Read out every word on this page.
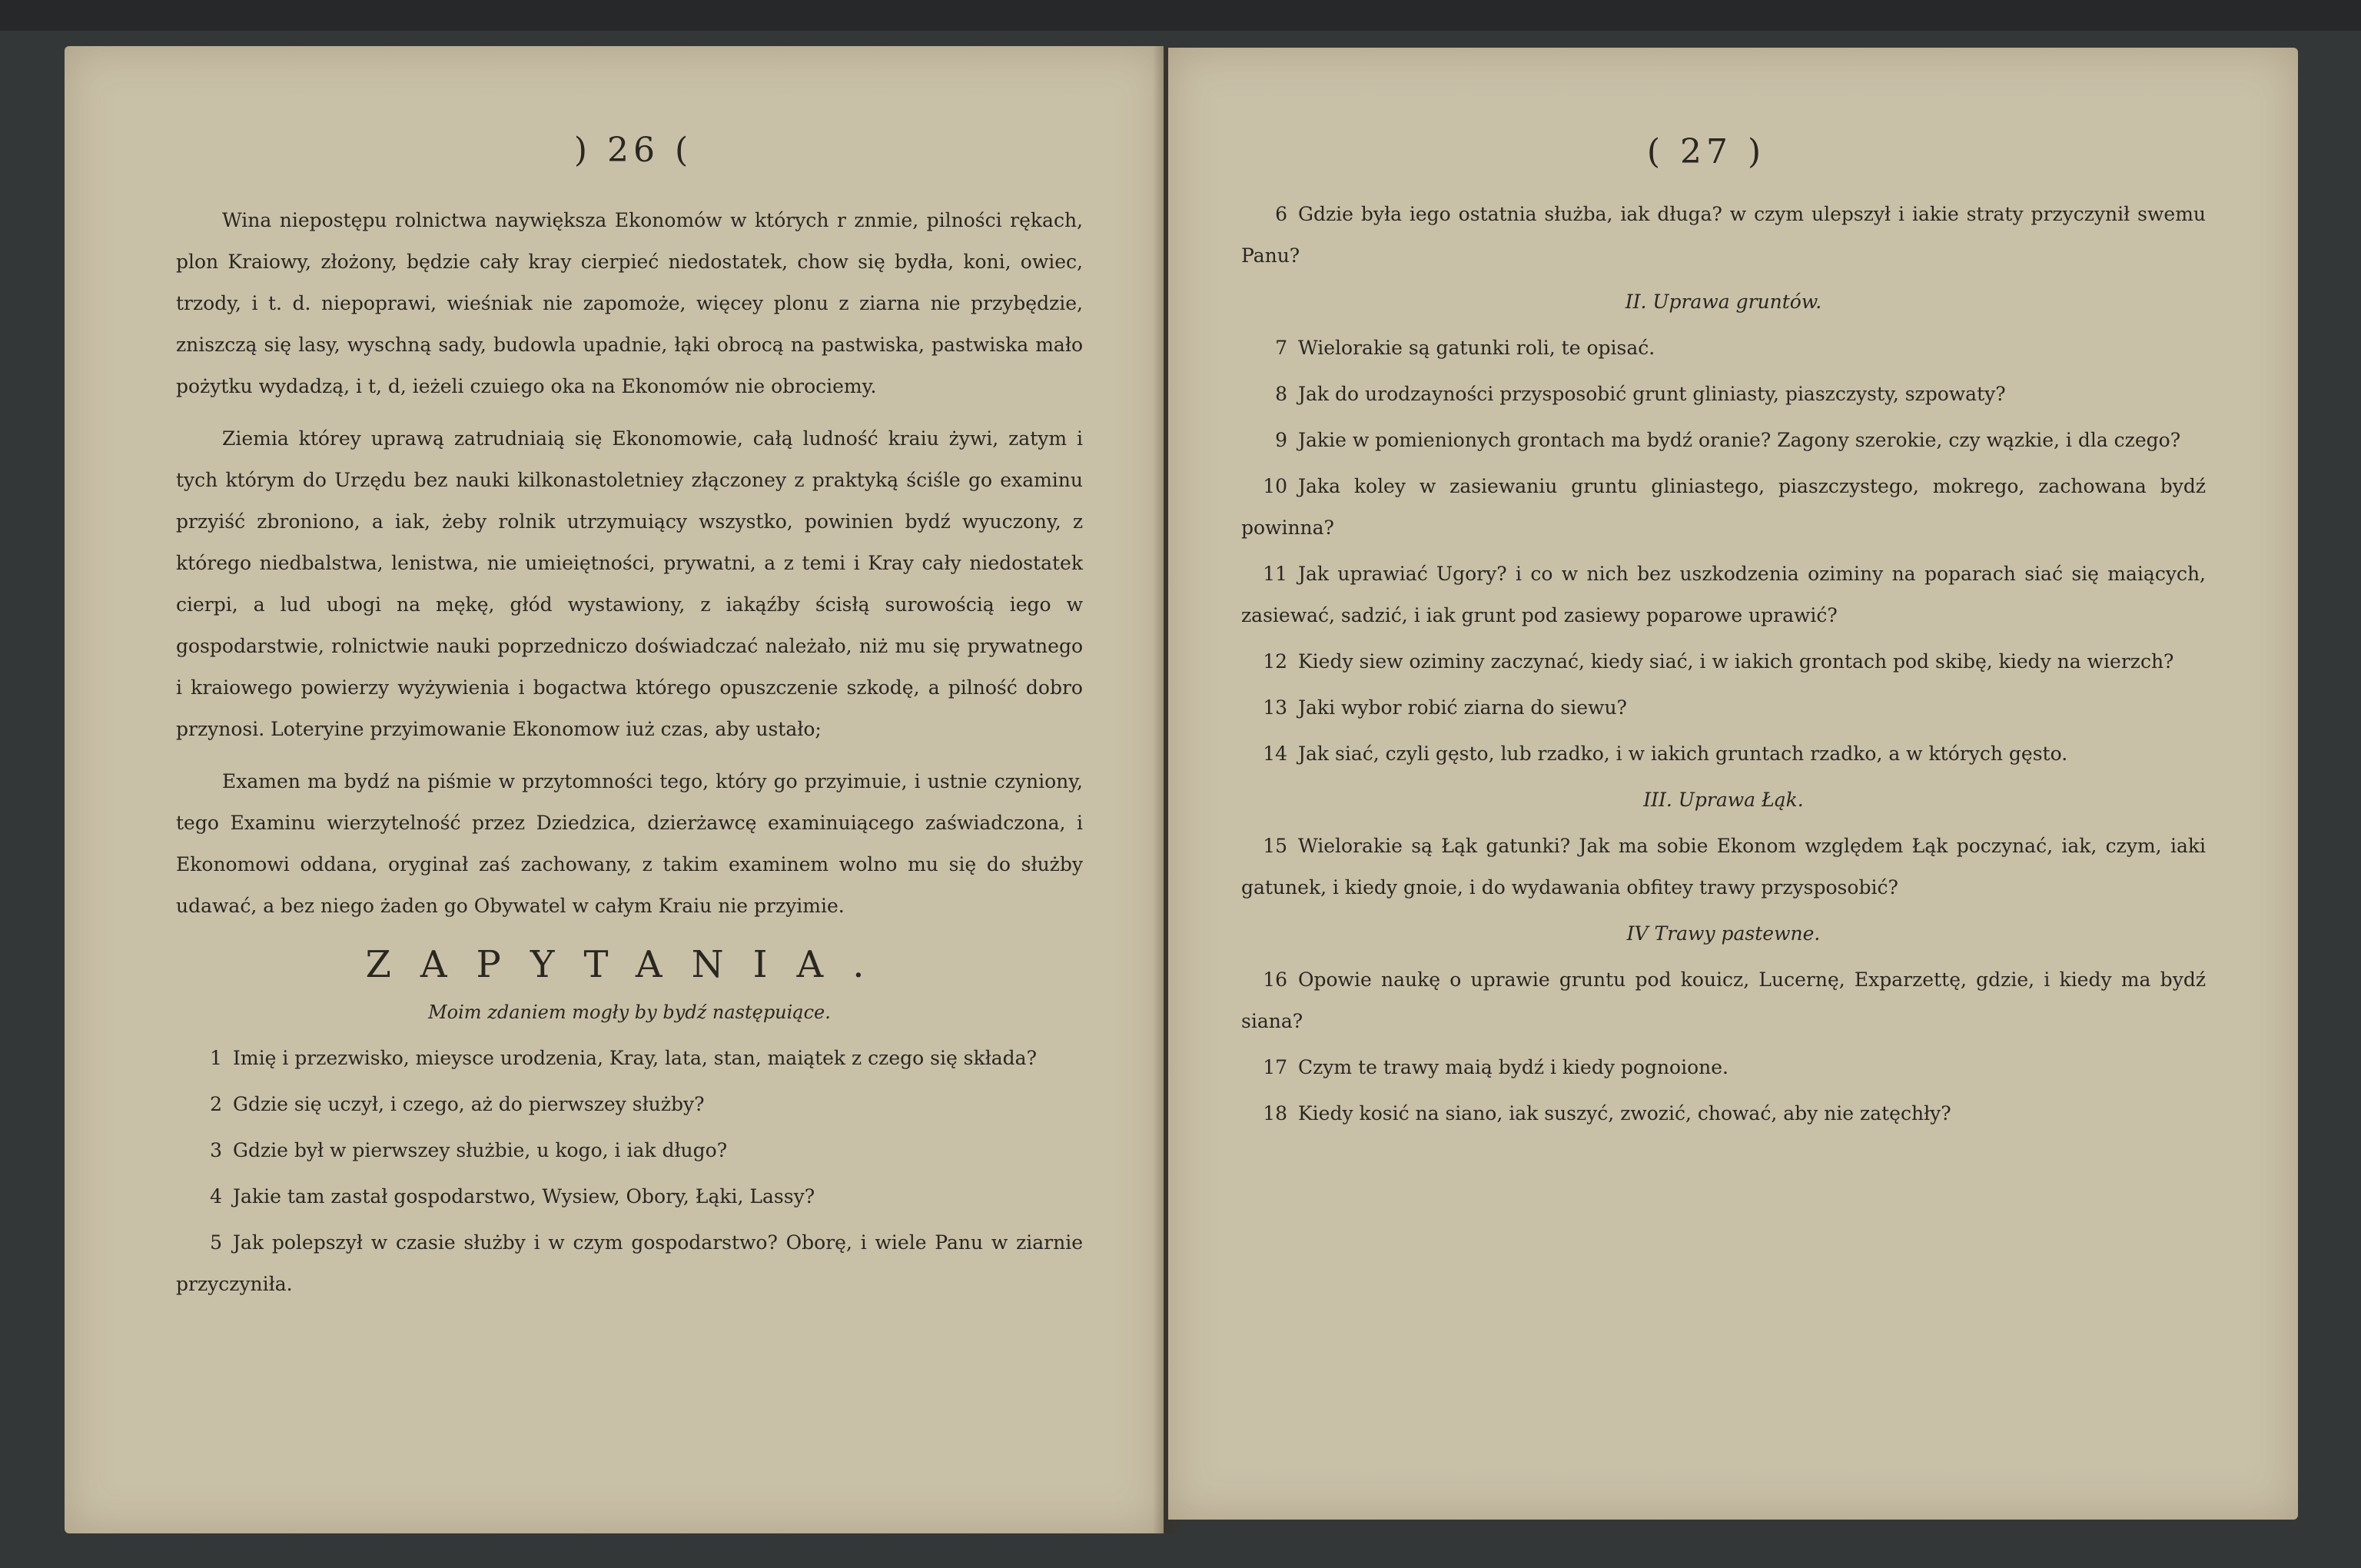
) 26 (

Wina niepostępu rolnictwa naywiększa Ekonomów w których r znmie, pilności rękach, plon Kraiowy, złożony, będzie cały kray cierpieć niedostatek, chow się bydła, koni, owiec, trzody, i t. d. niepoprawi, wieśniak nie zapomoże, więcey plonu z ziarna nie przybędzie, zniszczą się lasy, wyschną sady, budowla upadnie, łąki obrocą na pastwiska, pastwiska mało pożytku wydadzą, i t, d, ieżeli czuiego oka na Ekonomów nie obrociemy.

Ziemia którey uprawą zatrudniaią się Ekonomowie, całą ludność kraiu żywi, zatym i tych którym do Urzędu bez nauki kilkonastoletniey złączoney z praktyką ściśle go examinu przyiść zbroniono, a iak, żeby rolnik utrzymuiący wszystko, powinien bydź wyuczony, z którego niedbalstwa, lenistwa, nie umieiętności, prywatni, a z temi i Kray cały niedostatek cierpi, a lud ubogi na mękę, głód wystawiony, z iakąźby ścisłą surowością iego w gospodarstwie, rolnictwie nauki poprzedniczo doświadczać należało, niż mu się prywatnego i kraiowego powierzy wyżywienia i bogactwa którego opuszczenie szkodę, a pilność dobro przynosi. Loteryine przyimowanie Ekonomow iuż czas, aby ustało;

Examen ma bydź na piśmie w przytomności tego, który go przyimuie, i ustnie czyniony, tego Examinu wierzytelność przez Dziedzica, dzierżawcę examinuiącego zaświadczona, i Ekonomowi oddana, oryginał zaś zachowany, z takim examinem wolno mu się do służby udawać, a bez niego żaden go Obywatel w całym Kraiu nie przyimie.

ZAPYTANIA.

Moim zdaniem mogły by bydź następuiące.

1 Imię i przezwisko, mieysce urodzenia, Kray, lata, stan, maiątek z czego się składa?

2 Gdzie się uczył, i czego, aż do pierwszey służby?

3 Gdzie był w pierwszey służbie, u kogo, i iak długo?

4 Jakie tam zastał gospodarstwo, Wysiew, Obory, Łąki, Lassy?

5 Jak polepszył w czasie służby i w czym gospodarstwo? Oborę, i wiele Panu w ziarnie przyczyniła.

( 27 )

6 Gdzie była iego ostatnia służba, iak długa? w czym ulepszył i iakie straty przyczynił swemu Panu?

II. Uprawa gruntów.

7 Wielorakie są gatunki roli, te opisać.

8 Jak do urodzayności przysposobić grunt gliniasty, piaszczysty, szpowaty?

9 Jakie w pomienionych grontach ma bydź oranie? Zagony szerokie, czy wązkie, i dla czego?

10 Jaka koley w zasiewaniu gruntu gliniastego, piaszczystego, mokrego, zachowana bydź powinna?

11 Jak uprawiać Ugory? i co w nich bez uszkodzenia oziminy na poparach siać się maiących, zasiewać, sadzić, i iak grunt pod zasiewy poparowe uprawić?

12 Kiedy siew oziminy zaczynać, kiedy siać, i w iakich grontach pod skibę, kiedy na wierzch?

13 Jaki wybor robić ziarna do siewu?

14 Jak siać, czyli gęsto, lub rzadko, i w iakich gruntach rzadko, a w których gęsto.

III. Uprawa Łąk.

15 Wielorakie są Łąk gatunki? Jak ma sobie Ekonom względem Łąk poczynać, iak, czym, iaki gatunek, i kiedy gnoie, i do wydawania obfitey trawy przysposobić?

IV Trawy pastewne.

16 Opowie naukę o uprawie gruntu pod kouicz, Lucernę, Exparzettę, gdzie, i kiedy ma bydź siana?

17 Czym te trawy maią bydź i kiedy pognoione.

18 Kiedy kosić na siano, iak suszyć, zwozić, chować, aby nie zatęchły?
